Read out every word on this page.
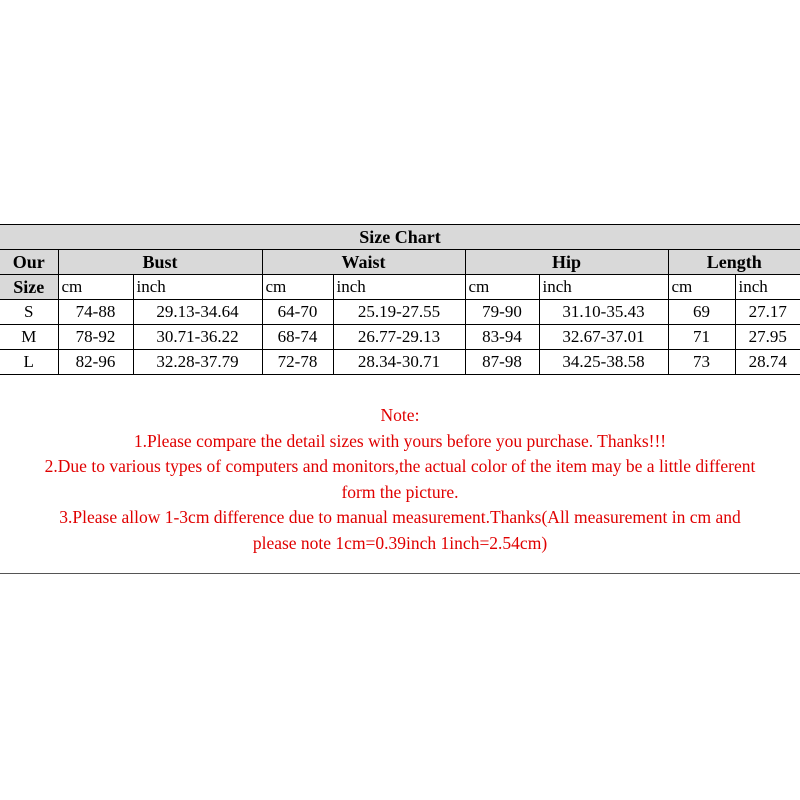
Size Chart								
Our	Bust		Waist		Hip		Length	
Size	cm	inch	cm	inch	cm	inch	cm	inch
S	74-88	29.13-34.64	64-70	25.19-27.55	79-90	31.10-35.43	69	27.17
M	78-92	30.71-36.22	68-74	26.77-29.13	83-94	32.67-37.01	71	27.95
L	82-96	32.28-37.79	72-78	28.34-30.71	87-98	34.25-38.58	73	28.74

Note:

1.Please compare the detail sizes with yours before you purchase. Thanks!!!

2.Due to various types of computers and monitors,the actual color of the item may be a little different

form the picture.

3.Please allow 1-3cm difference due to manual measurement.Thanks(All measurement in cm and

please note 1cm=0.39inch 1inch=2.54cm)
